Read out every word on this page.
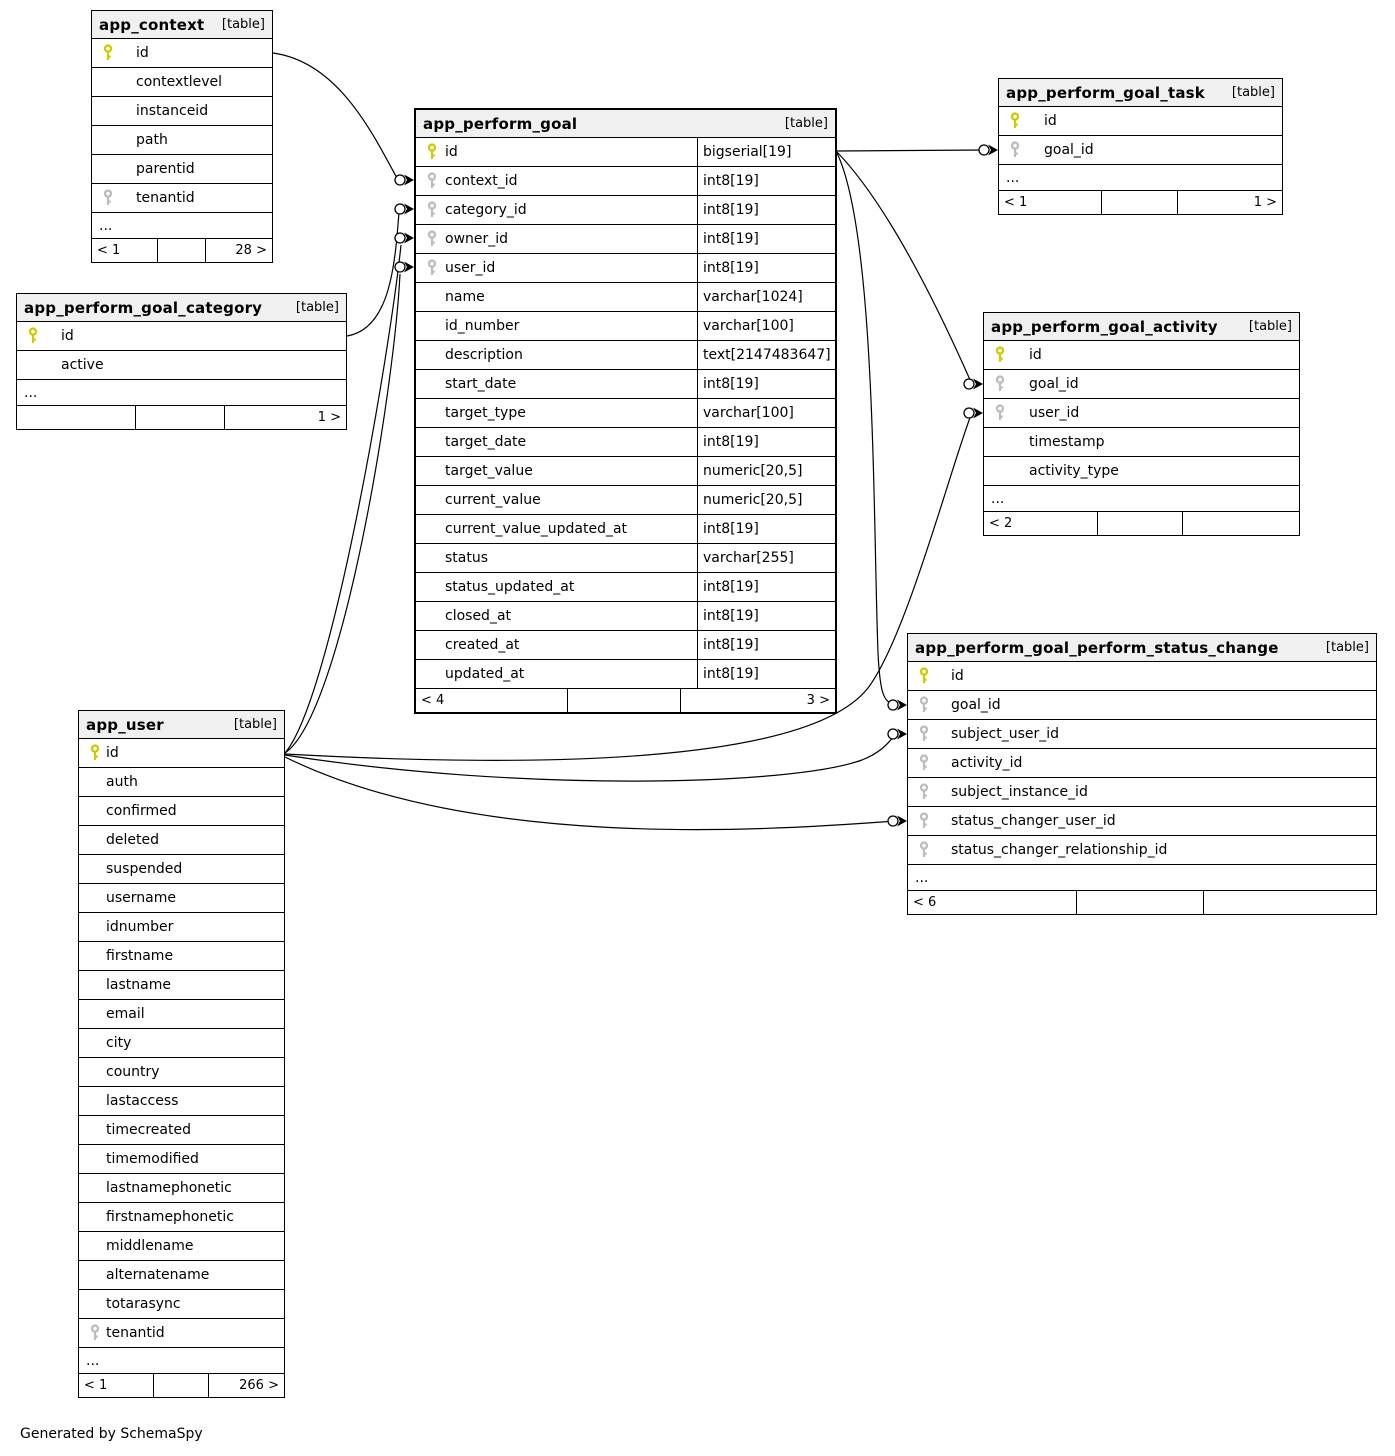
app_context [table]
id
contextlevel
instanceid
path
parentid
tenantid
...
< 1	28 >
app_perform_goal_category	[table]
id
active
...
1 >
app_perform_goal	[table]
id	bigserial[19]
context_id	int8[19]
category_id	int8[19]
owner_id	int8[19]
user_id	int8[19]
name	varchar[1024]
id_number	varchar[100]
description	text[2147483647]
start_date	int8[19]
target_type	varchar[100]
target_date	int8[19]
target_value	numeric[20,5]
current_value	numeric[20,5]
current_value_updated_at	int8[19]
status	varchar[255]
status_updated_at	int8[19]
closed_at	int8[19]
created_at	int8[19]
updated_at	int8[19]
< 4	3 >
app_perform_goal_task [table]
id
goal_id
...
< 1	1 >
app_perform_goal_activity [table]
id
goal_id
user_id
timestamp
activity_type
...
< 2
app_perform_goal_perform_status_change	[table]
id
goal_id
subject_user_id
activity_id
subject_instance_id
status_changer_user_id
status_changer_relationship_id
...
< 6
app_user	[table]
id
auth
confirmed
deleted
suspended
username
idnumber
firstname
lastname
email
city
country
lastaccess
timecreated
timemodified
lastnamephonetic
firstnamephonetic
middlename
alternatename
totarasync
tenantid
...
< 1	266 >
Generated by SchemaSpy
